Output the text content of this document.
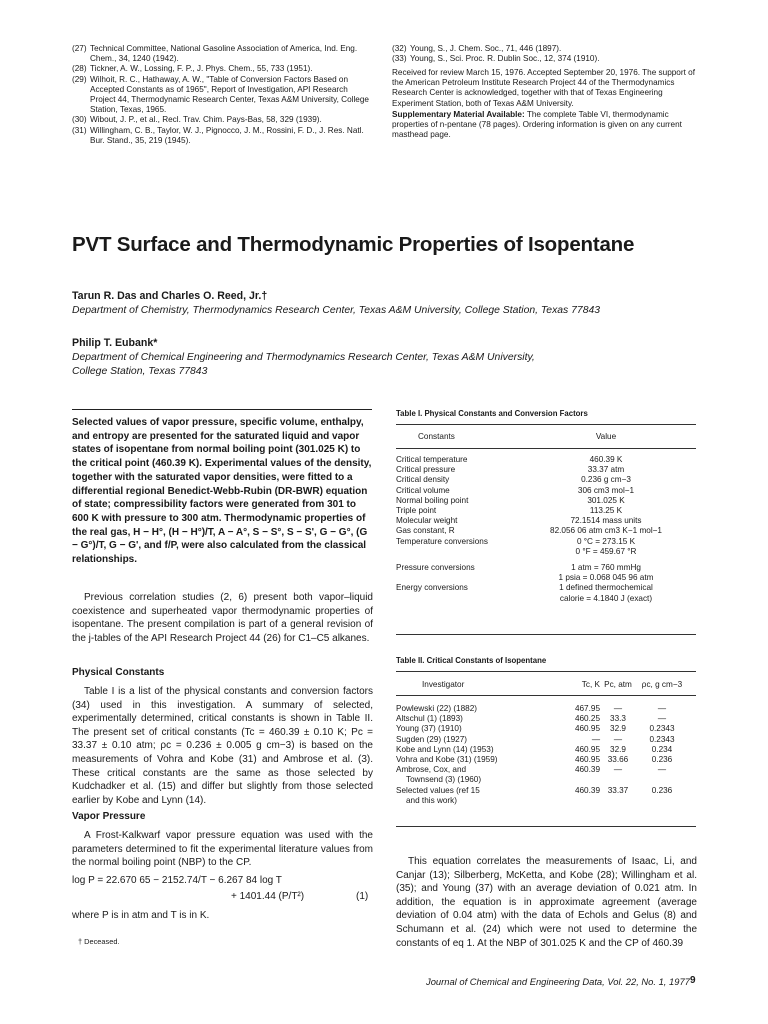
(27) Technical Committee, National Gasoline Association of America, Ind. Eng. Chem., 34, 1240 (1942).
(28) Tickner, A. W., Lossing, F. P., J. Phys. Chem., 55, 733 (1951).
(29) Wilhoit, R. C., Hathaway, A. W., "Table of Conversion Factors Based on Accepted Constants as of 1965", Report of Investigation, API Research Project 44, Thermodynamic Research Center, Texas A&M University, College Station, Texas, 1965.
(30) Wibout, J. P., et al., Recl. Trav. Chim. Pays-Bas, 58, 329 (1939).
(31) Willingham, C. B., Taylor, W. J., Pignocco, J. M., Rossini, F. D., J. Res. Natl. Bur. Stand., 35, 219 (1945).
(32) Young, S., J. Chem. Soc., 71, 446 (1897).
(33) Young, S., Sci. Proc. R. Dublin Soc., 12, 374 (1910).
Received for review March 15, 1976. Accepted September 20, 1976. The support of the American Petroleum Institute Research Project 44 of the Thermodynamics Research Center is acknowledged, together with that of Texas Engineering Experiment Station, both of Texas A&M University.
Supplementary Material Available: The complete Table VI, thermodynamic properties of n-pentane (78 pages). Ordering information is given on any current masthead page.
PVT Surface and Thermodynamic Properties of Isopentane
Tarun R. Das and Charles O. Reed, Jr.†
Department of Chemistry, Thermodynamics Research Center, Texas A&M University, College Station, Texas 77843
Philip T. Eubank*
Department of Chemical Engineering and Thermodynamics Research Center, Texas A&M University,
College Station, Texas 77843
Selected values of vapor pressure, specific volume, enthalpy, and entropy are presented for the saturated liquid and vapor states of isopentane from normal boiling point (301.025 K) to the critical point (460.39 K). Experimental values of the density, together with the saturated vapor densities, were fitted to a differential regional Benedict-Webb-Rubin (DR-BWR) equation of state; compressibility factors were generated from 301 to 600 K with pressure to 300 atm. Thermodynamic properties of the real gas, H − H°, (H − H°)/T, A − A°, S − S°, S − S', G − G°, (G − G°)/T, G − G', and f/P, were also calculated from the classical relationships.

Previous correlation studies (2, 6) present both vapor–liquid coexistence and superheated vapor thermodynamic properties of isopentane. The present compilation is part of a general revision of the j-tables of the API Research Project 44 (26) for C1–C5 alkanes.

Physical Constants

Table I is a list of the physical constants and conversion factors (34) used in this investigation. A summary of selected, experimentally determined, critical constants is shown in Table II. The present set of critical constants (Tc = 460.39 ± 0.10 K; Pc = 33.37 ± 0.10 atm; ρc = 0.236 ± 0.005 g cm−3) is based on the measurements of Vohra and Kobe (31) and Ambrose et al. (3). These critical constants are the same as those selected by Kudchadker et al. (15) and differ but slightly from those selected earlier by Kobe and Lynn (14).

Vapor Pressure

A Frost-Kalkwarf vapor pressure equation was used with the parameters determined to fit the experimental literature values from the normal boiling point (NBP) to the CP.

log P = 22.670 65 − 2152.74/T − 6.267 84 log T
+ 1401.44 (P/T²)	(1)
where P is in atm and T is in K.
† Deceased.
Table I. Physical Constants and Conversion Factors
Constants	Value
Critical temperature	460.39 K
Critical pressure	33.37 atm
Critical density	0.236 g cm−3
Critical volume	306 cm3 mol−1
Normal boiling point	301.025 K
Triple point	113.25 K
Molecular weight	72.1514 mass units
Gas constant, R	82.056 06 atm cm3 K−1 mol−1
Temperature conversions	0 °C = 273.15 K
0 °F = 459.67 °R
Pressure conversions	1 atm = 760 mmHg
1 psia = 0.068 045 96 atm
Energy conversions	1 defined thermochemical
calorie = 4.1840 J (exact)
Table II. Critical Constants of Isopentane
Investigator	Tc, K Pc, atm	ρc, g cm−3
Powlewski (22) (1882)	467.95	—	—
Altschul (1) (1893)	460.25	33.3	—
Young (37) (1910)	460.95	32.9	0.2343
Sugden (29) (1927)	—	—	0.2343
Kobe and Lynn (14) (1953)	460.95	32.9	0.234
Vohra and Kobe (31) (1959)	460.95 33.66	0.236
Ambrose, Cox, and	460.39	—	—
Townsend (3) (1960)
Selected values (ref 15	460.39 33.37	0.236
and this work)

This equation correlates the measurements of Isaac, Li, and Canjar (13); Silberberg, McKetta, and Kobe (28); Willingham et al. (35); and Young (37) with an average deviation of 0.021 atm. In addition, the equation is in approximate agreement (average deviation of 0.04 atm) with the data of Echols and Gelus (8) and Schumann et al. (24) which were not used to determine the constants of eq 1. At the NBP of 301.025 K and the CP of 460.39

Journal of Chemical and Engineering Data, Vol. 22, No. 1, 1977 9
